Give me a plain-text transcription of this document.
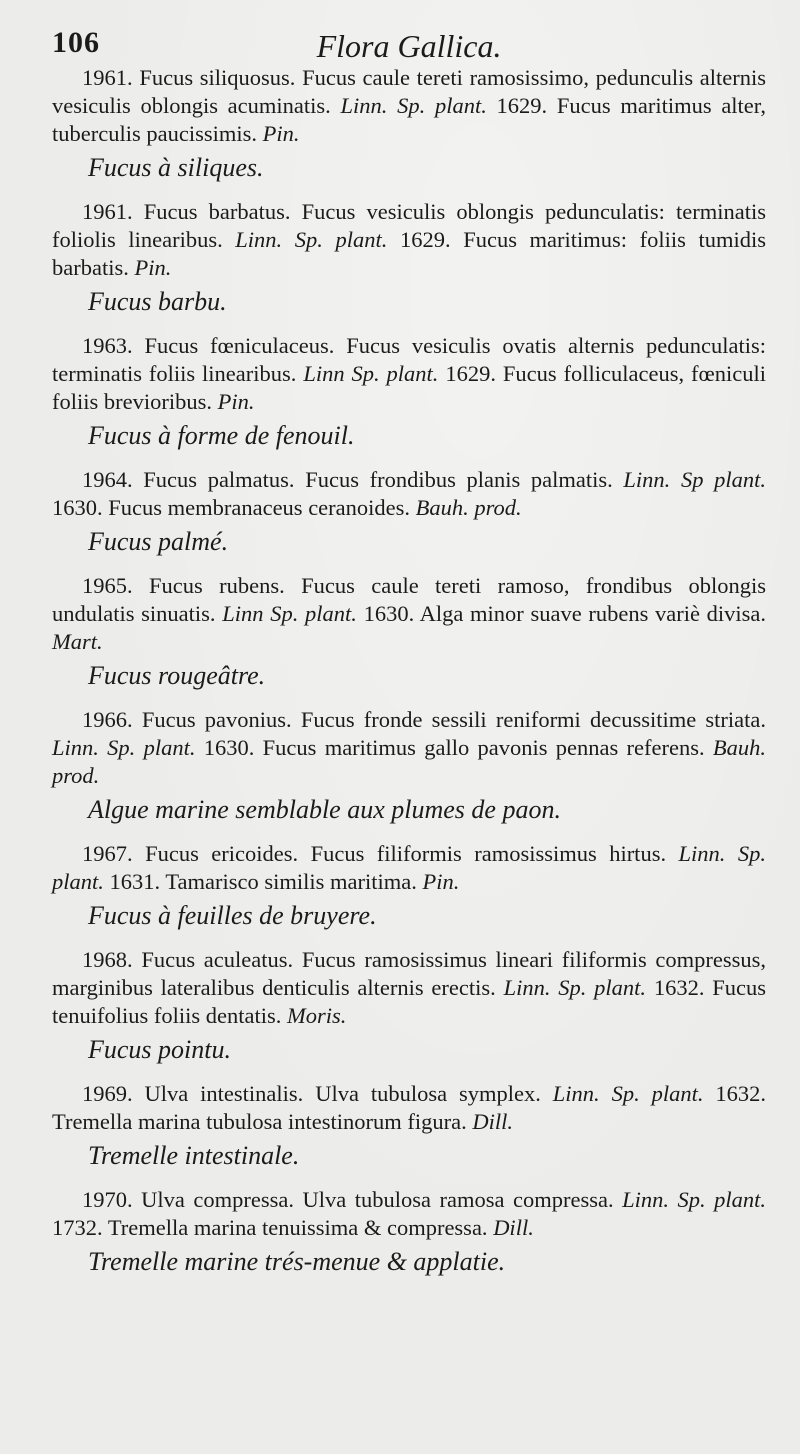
106	Flora Gallica.

1961. Fucus siliquosus. Fucus caule tereti ramosissimo, pedunculis alternis vesiculis oblongis acuminatis. Linn. Sp. plant. 1629. Fucus maritimus alter, tuberculis paucissimis. Pin.

Fucus à siliques.

1961. Fucus barbatus. Fucus vesiculis oblongis pedunculatis: terminatis foliolis linearibus. Linn. Sp. plant. 1629. Fucus maritimus: foliis tumidis barbatis. Pin.

Fucus barbu.

1963. Fucus fœniculaceus. Fucus vesiculis ovatis alternis pedunculatis: terminatis foliis linearibus. Linn Sp. plant. 1629. Fucus folliculaceus, fœniculi foliis brevioribus. Pin.

Fucus à forme de fenouil.

1964. Fucus palmatus. Fucus frondibus planis palmatis. Linn. Sp plant. 1630. Fucus membranaceus ceranoides. Bauh. prod.

Fucus palmé.

1965. Fucus rubens. Fucus caule tereti ramoso, frondibus oblongis undulatis sinuatis. Linn Sp. plant. 1630. Alga minor suave rubens variè divisa. Mart.

Fucus rougeâtre.

1966. Fucus pavonius. Fucus fronde sessili reniformi decussitime striata. Linn. Sp. plant. 1630. Fucus maritimus gallo pavonis pennas referens. Bauh. prod.

Algue marine semblable aux plumes de paon.

1967. Fucus ericoides. Fucus filiformis ramosissimus hirtus. Linn. Sp. plant. 1631. Tamarisco similis maritima. Pin.

Fucus à feuilles de bruyere.

1968. Fucus aculeatus. Fucus ramosissimus lineari filiformis compressus, marginibus lateralibus denticulis alternis erectis. Linn. Sp. plant. 1632. Fucus tenuifolius foliis dentatis. Moris.

Fucus pointu.

1969. Ulva intestinalis. Ulva tubulosa symplex. Linn. Sp. plant. 1632. Tremella marina tubulosa intestinorum figura. Dill.

Tremelle intestinale.

1970. Ulva compressa. Ulva tubulosa ramosa compressa. Linn. Sp. plant. 1732. Tremella marina tenuissima & compressa. Dill.

Tremelle marine trés-menue & applatie.
